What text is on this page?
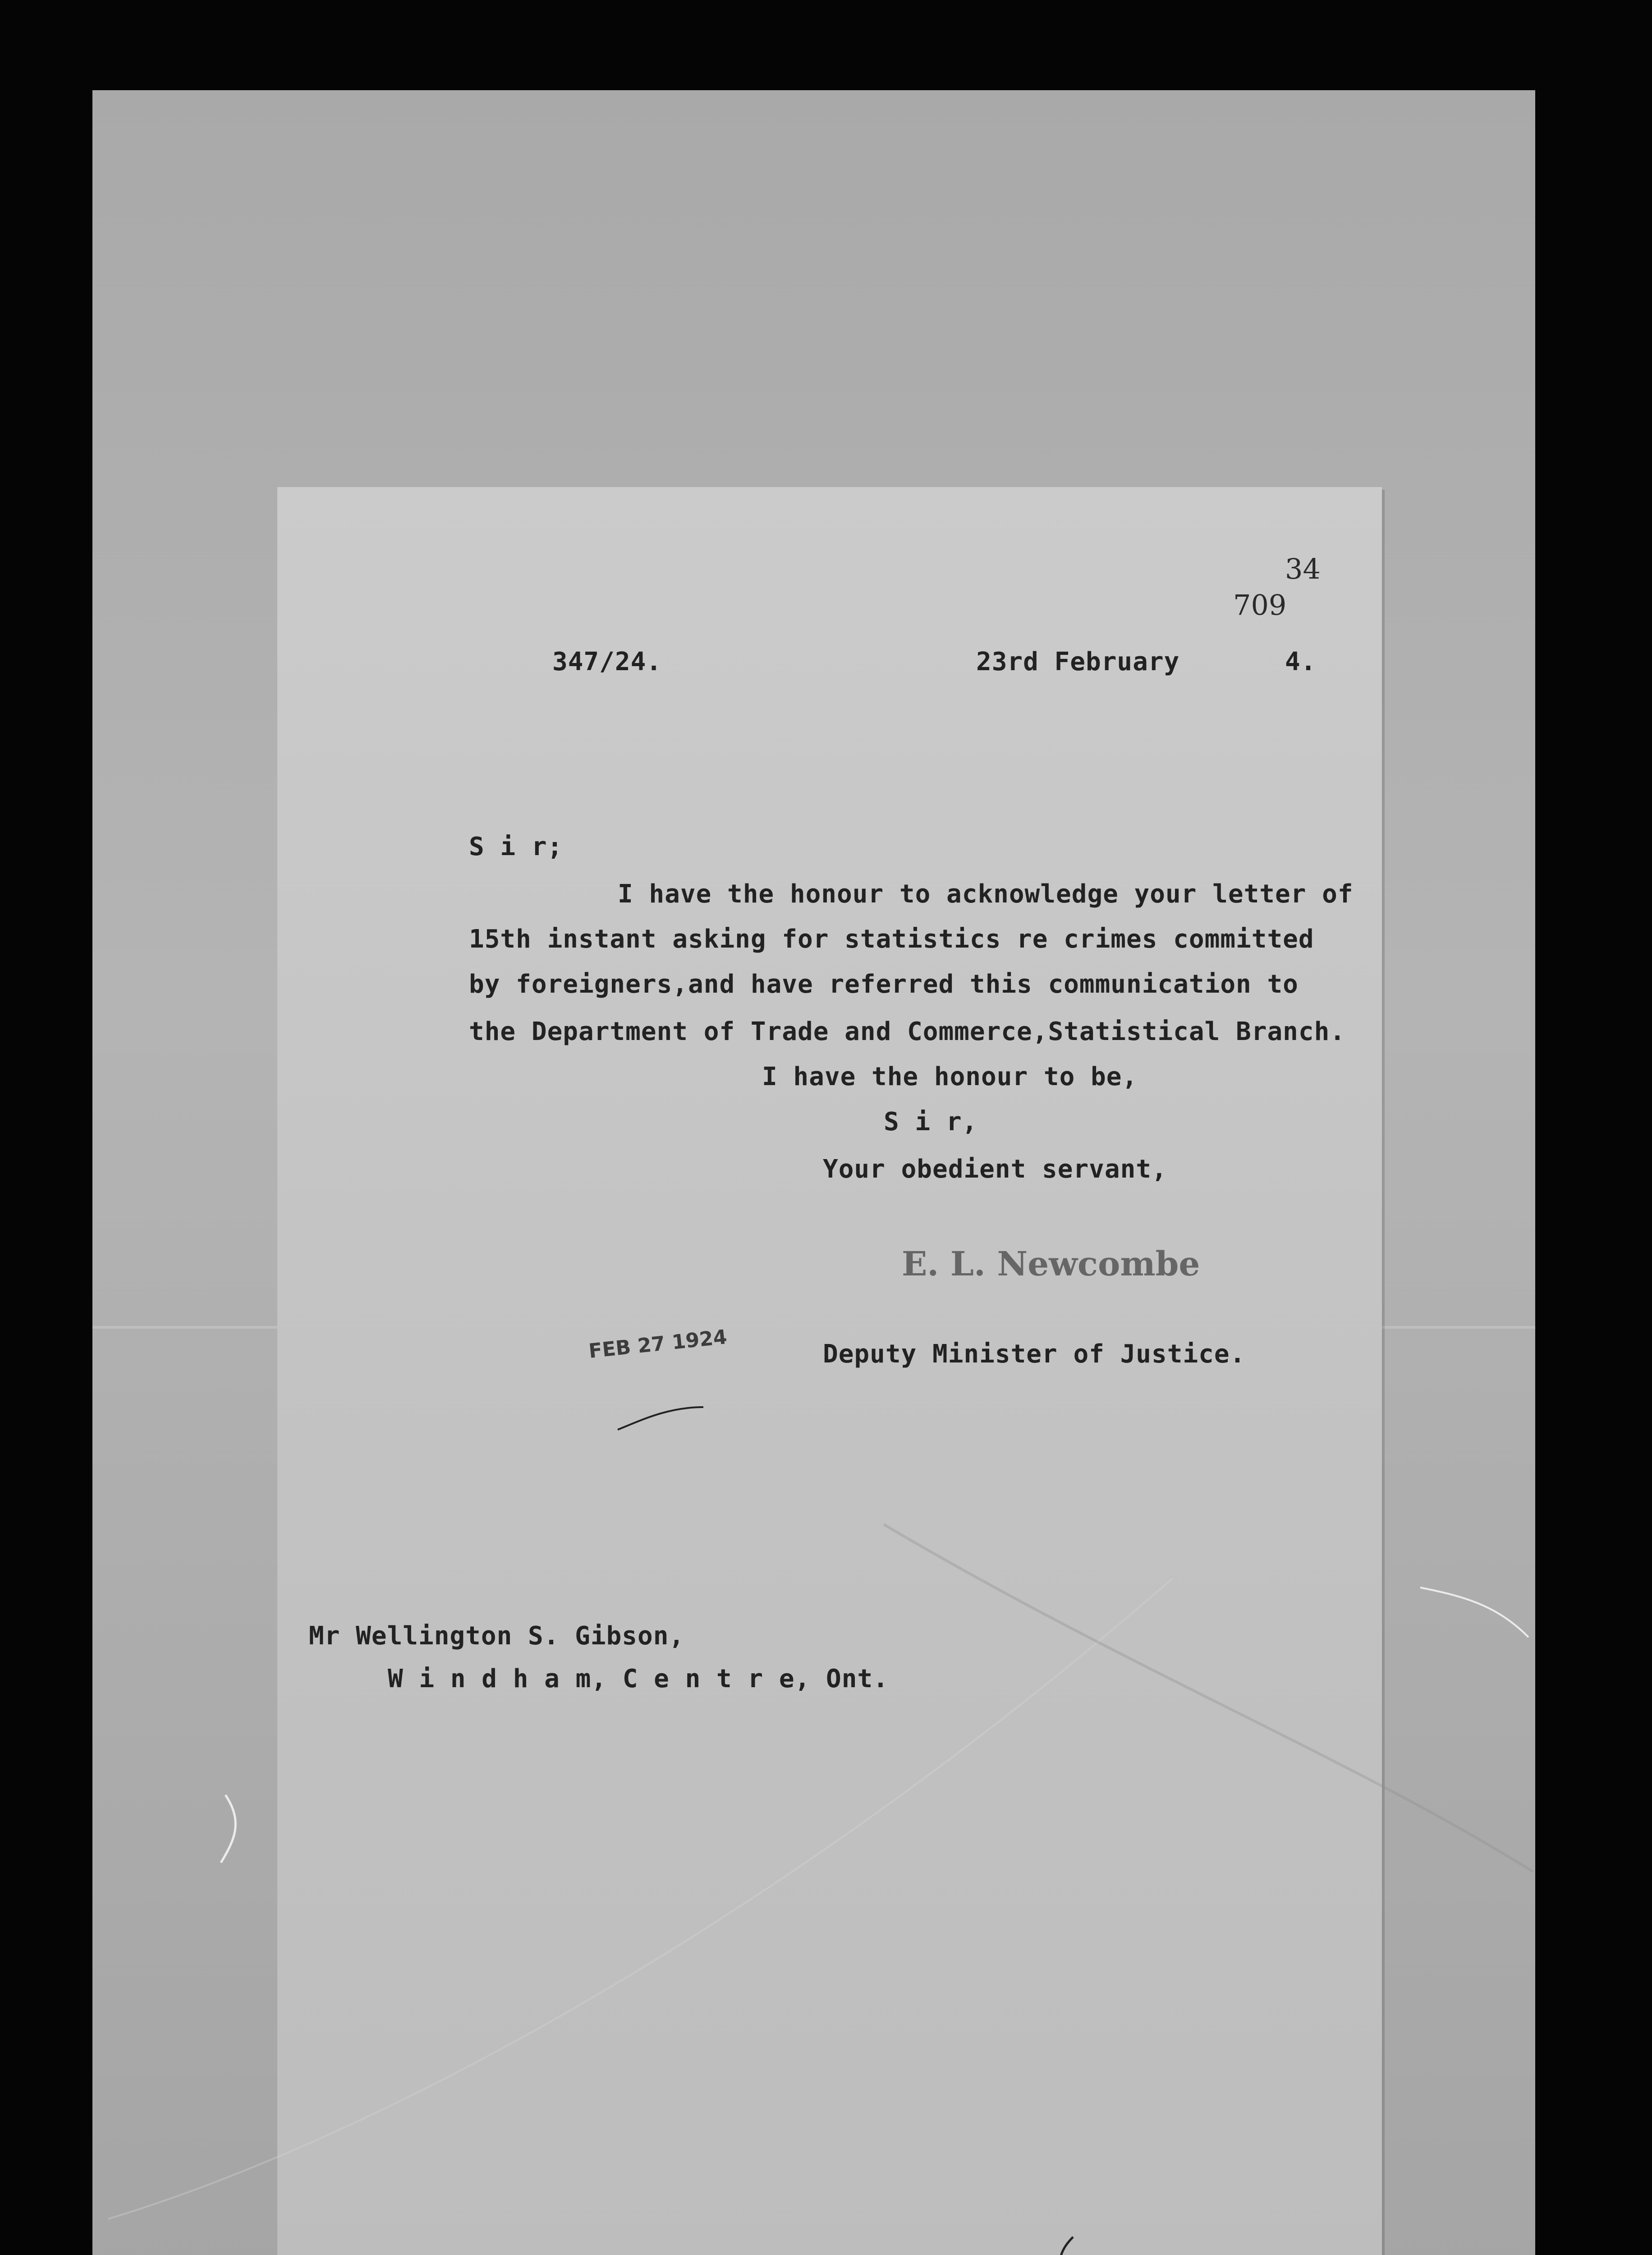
34
709
347/24.	23rd February	4.
S i r;
I have the honour to acknowledge your letter of
15th instant asking for statistics re crimes committed
by foreigners,and have referred this communication to
the Department of Trade and Commerce,Statistical Branch.
I have the honour to be,
S i r,
Your obedient servant,
E. L. Newcombe
FEB 27 1924	Deputy Minister of Justice.
Mr Wellington S. Gibson,
W i n d h a m, C e n t r e, Ont.
